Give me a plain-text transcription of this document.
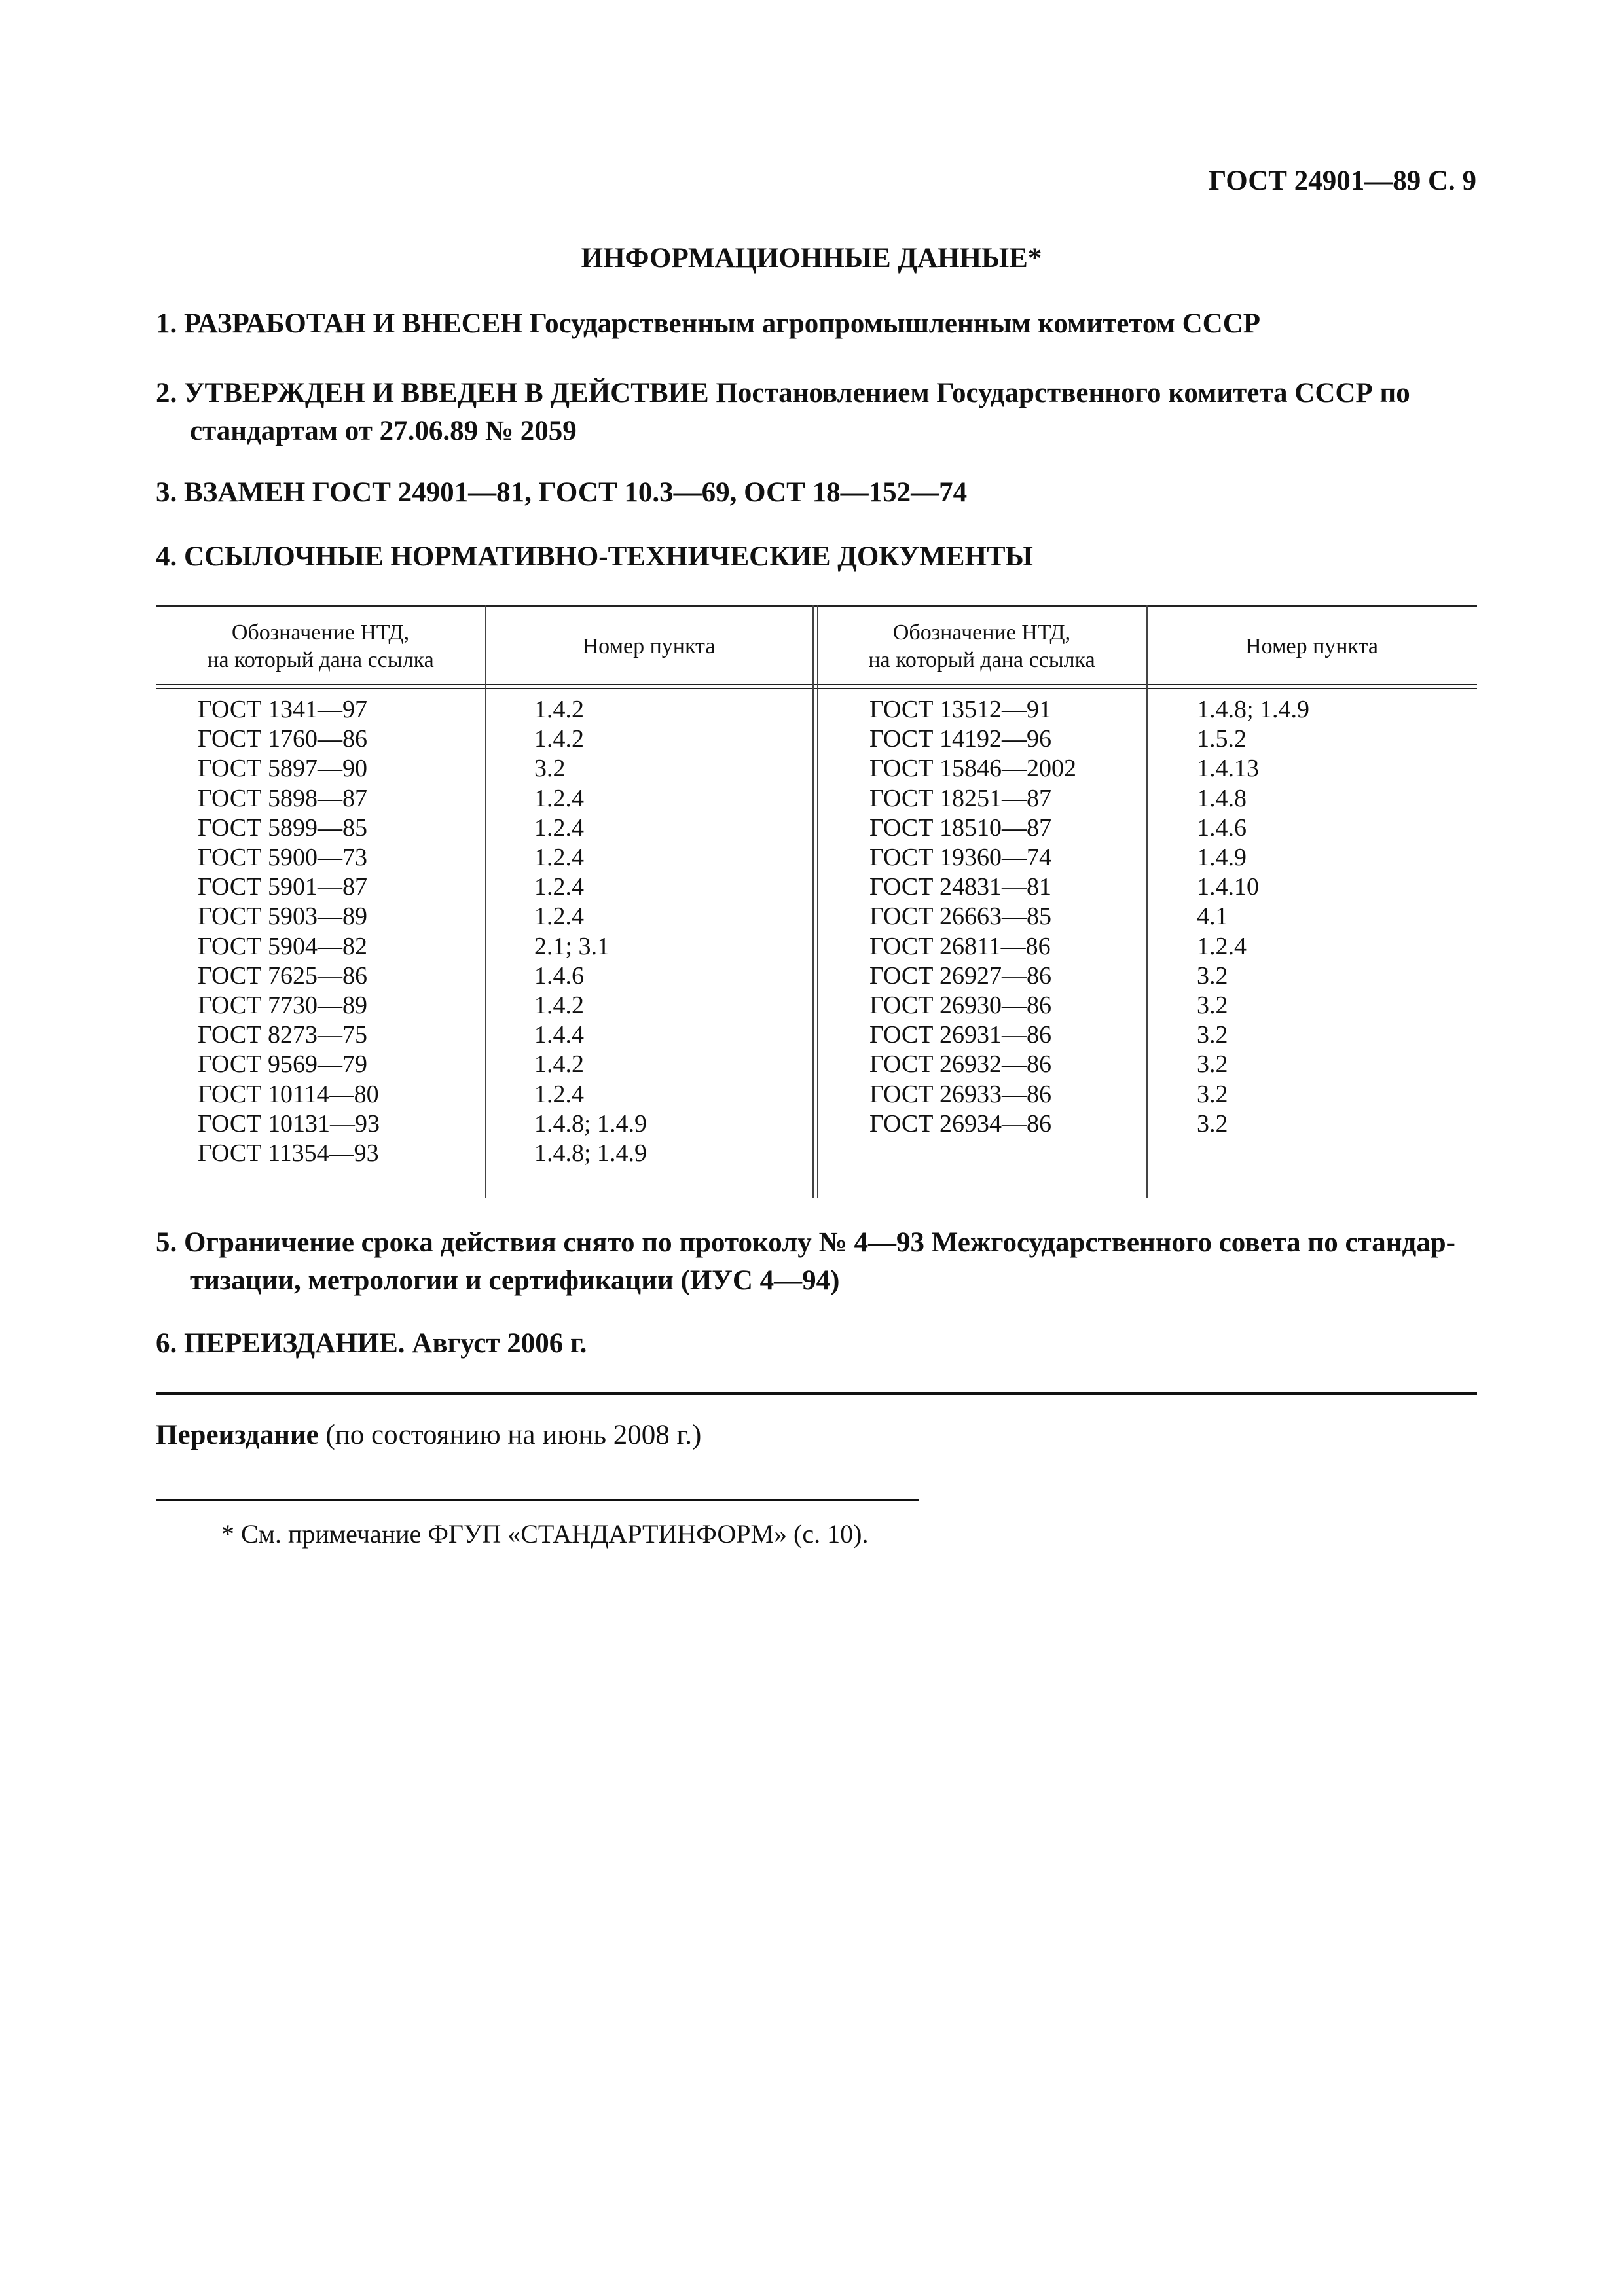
ГОСТ 24901—89 С. 9
ИНФОРМАЦИОННЫЕ ДАННЫЕ*
1. РАЗРАБОТАН И ВНЕСЕН Государственным агропромышленным комитетом СССР
2. УТВЕРЖДЕН И ВВЕДЕН В ДЕЙСТВИЕ Постановлением Государственного комитета СССР по
стандартам от 27.06.89 № 2059
3. ВЗАМЕН ГОСТ 24901—81, ГОСТ 10.3—69, ОСТ 18—152—74
4. ССЫЛОЧНЫЕ НОРМАТИВНО-ТЕХНИЧЕСКИЕ ДОКУМЕНТЫ
Обозначение НТД,
на который дана ссылка
Номер пункта
Обозначение НТД,
на который дана ссылка
Номер пункта
ГОСТ 1341—97
ГОСТ 1760—86
ГОСТ 5897—90
ГОСТ 5898—87
ГОСТ 5899—85
ГОСТ 5900—73
ГОСТ 5901—87
ГОСТ 5903—89
ГОСТ 5904—82
ГОСТ 7625—86
ГОСТ 7730—89
ГОСТ 8273—75
ГОСТ 9569—79
ГОСТ 10114—80
ГОСТ 10131—93
ГОСТ 11354—93
1.4.2
1.4.2
3.2
1.2.4
1.2.4
1.2.4
1.2.4
1.2.4
2.1; 3.1
1.4.6
1.4.2
1.4.4
1.4.2
1.2.4
1.4.8; 1.4.9
1.4.8; 1.4.9
ГОСТ 13512—91
ГОСТ 14192—96
ГОСТ 15846—2002
ГОСТ 18251—87
ГОСТ 18510—87
ГОСТ 19360—74
ГОСТ 24831—81
ГОСТ 26663—85
ГОСТ 26811—86
ГОСТ 26927—86
ГОСТ 26930—86
ГОСТ 26931—86
ГОСТ 26932—86
ГОСТ 26933—86
ГОСТ 26934—86
1.4.8; 1.4.9
1.5.2
1.4.13
1.4.8
1.4.6
1.4.9
1.4.10
4.1
1.2.4
3.2
3.2
3.2
3.2
3.2
3.2
5. Ограничение срока действия снято по протоколу № 4—93 Межгосударственного совета по стандар-
тизации, метрологии и сертификации (ИУС 4—94)
6. ПЕРЕИЗДАНИЕ. Август 2006 г.
Переиздание (по состоянию на июнь 2008 г.)
* См. примечание ФГУП «СТАНДАРТИНФОРМ» (с. 10).
